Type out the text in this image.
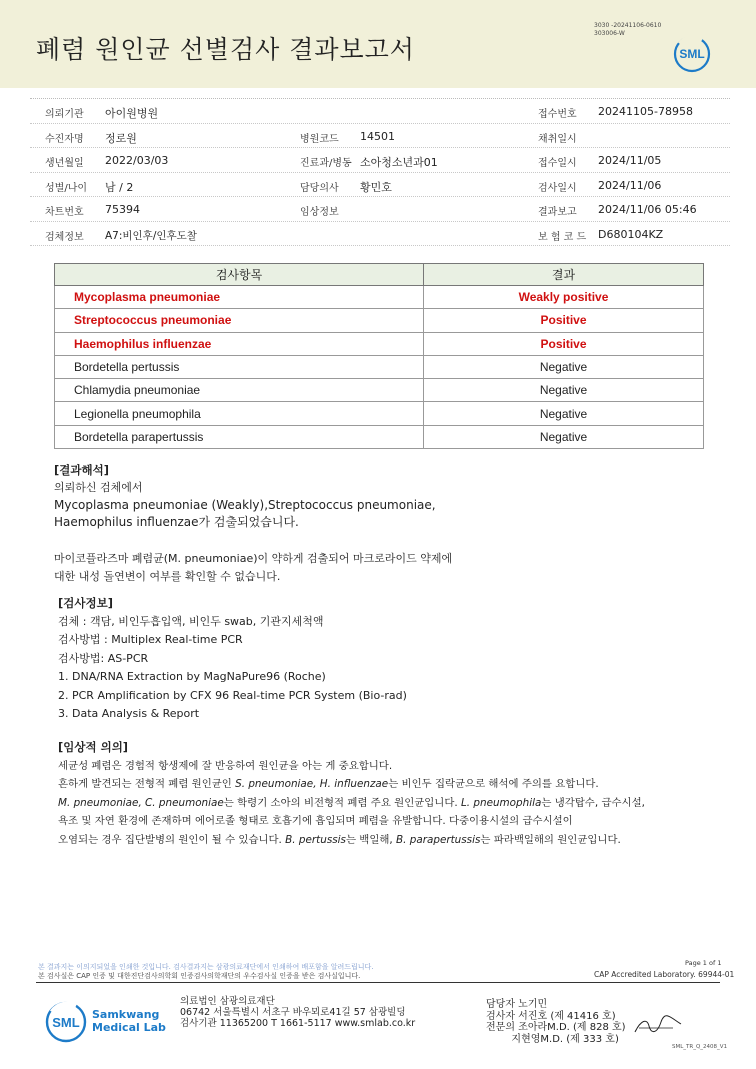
폐렴 원인균 선별검사 결과보고서
3030 -20241106-0610
303006-W
SML
의뢰기관 아이원병원	접수번호 20241105-78958
수진자명 정로원	병원코드 14501	채취일시
생년월일 2022/03/03	진료과/병동 소아청소년과01	접수일시 2024/11/05
성별/나이 남 / 2	담당의사 황민호	검사일시 2024/11/06
차트번호 75394	임상정보	결과보고 2024/11/06 05:46
검체정보 A7:비인후/인후도찰	보 험 코 드 D680104KZ
검사항목	결과
Mycoplasma pneumoniae	Weakly positive
Streptococcus pneumoniae	Positive
Haemophilus influenzae	Positive
Bordetella pertussis	Negative
Chlamydia pneumoniae	Negative
Legionella pneumophila	Negative
Bordetella parapertussis	Negative
[결과해석]
의뢰하신 검체에서
Mycoplasma pneumoniae (Weakly),Streptococcus pneumoniae,
Haemophilus influenzae가 검출되었습니다.
마이코플라즈마 폐렴균(M. pneumoniae)이 약하게 검출되어 마크로라이드 약제에
대한 내성 돌연변이 여부를 확인할 수 없습니다.
[검사정보]
검체 : 객담, 비인두흡입액, 비인두 swab, 기관지세척액
검사방법 : Multiplex Real-time PCR
검사방법: AS-PCR
1. DNA/RNA Extraction by MagNaPure96 (Roche)
2. PCR Amplification by CFX 96 Real-time PCR System (Bio-rad)
3. Data Analysis & Report
[임상적 의의]
세균성 폐렴은 경험적 항생제에 잘 반응하여 원인균을 아는 게 중요합니다.
흔하게 발견되는 전형적 폐렴 원인균인 S. pneumoniae, H. influenzae는 비인두 집락균으로 해석에 주의를 요합니다.
M. pneumoniae, C. pneumoniae는 학령기 소아의 비전형적 폐렴 주요 원인균입니다. L. pneumophila는 냉각탑수, 급수시설,
욕조 및 자연 환경에 존재하며 에어로졸 형태로 호흡기에 흡입되며 폐렴을 유발합니다. 다중이용시설의 급수시설이
오염되는 경우 집단발병의 원인이 될 수 있습니다. B. pertussis는 백일해, B. parapertussis는 파라백일해의 원인균입니다.
본 결과지는 이의지되었을 인쇄한 것입니다. 검사결과지는 삼광의료재단에서 인쇄하여 배포함을 알려드립니다.
본 검사실은 CAP 인증 및 대한진단검사의학회 인증검사의학재단의 우수검사실 인증을 받은 검사실입니다.
Page 1 of 1
CAP Accredited Laboratory. 69944-01
SML
Samkwang
Medical Lab
의료법인 삼광의료재단
06742 서울특별시 서초구 바우뫼로41길 57 삼광빌딩
검사기관 11365200 T 1661-5117 www.smlab.co.kr
담당자 노기민
검사자 서진호 (제 41416 호)
전문의 조아라M.D. (제 828 호)
지현영M.D. (제 333 호)
SML_TR_Q_2408_V1
